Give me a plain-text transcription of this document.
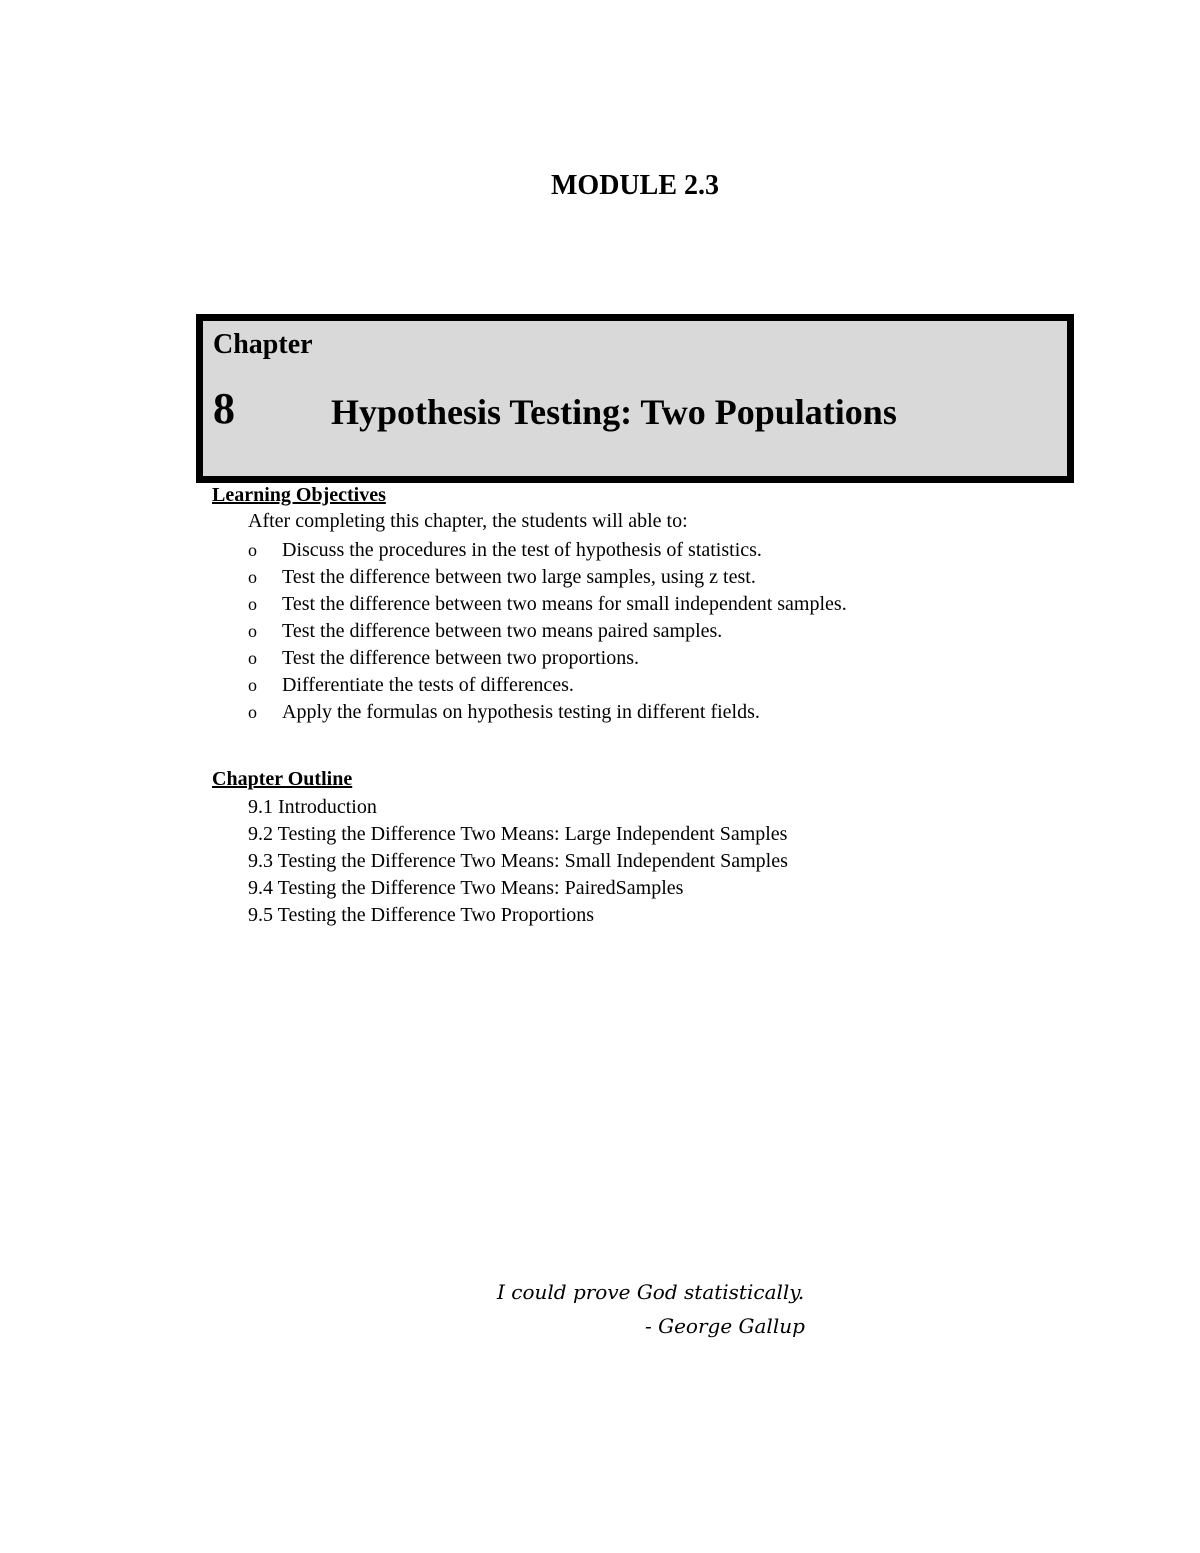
MODULE 2.3
Chapter
8	Hypothesis Testing: Two Populations
Learning Objectives
After completing this chapter, the students will able to:
o	Discuss the procedures in the test of hypothesis of statistics.
o	Test the difference between two large samples, using z test.
o	Test the difference between two means for small independent samples.
o	Test the difference between two means paired samples.
o	Test the difference between two proportions.
o	Differentiate the tests of differences.
o	Apply the formulas on hypothesis testing in different fields.
Chapter Outline
9.1 Introduction
9.2 Testing the Difference Two Means: Large Independent Samples
9.3 Testing the Difference Two Means: Small Independent Samples
9.4 Testing the Difference Two Means: PairedSamples
9.5 Testing the Difference Two Proportions

I could prove God statistically.

- George Gallup
